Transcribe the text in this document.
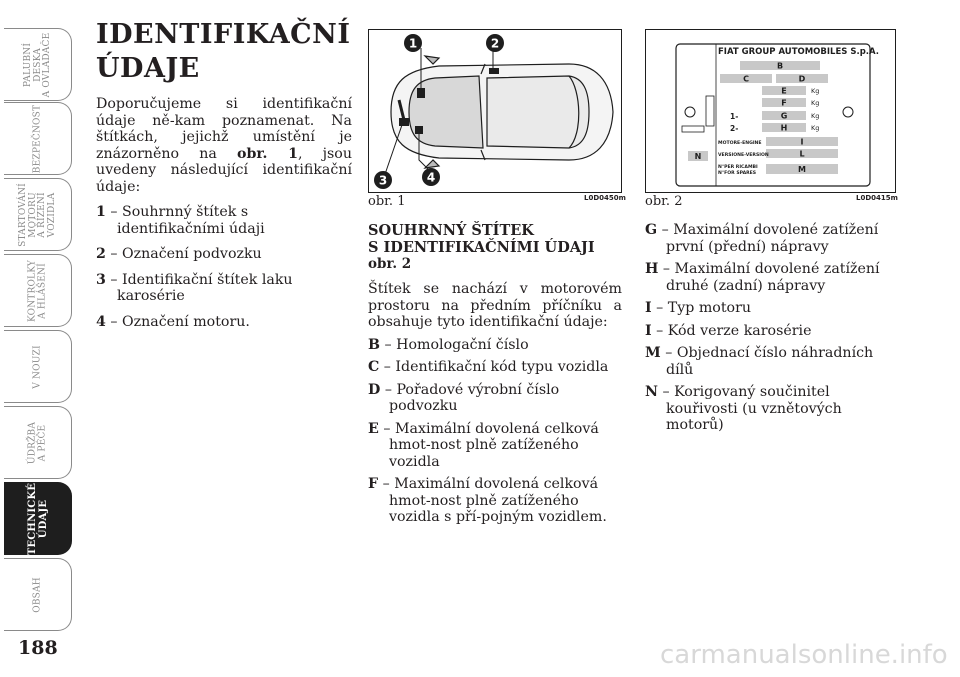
PALUBNÍ
DESKA
A OVLADAČE
BEZPEČNOST
STARTOVÁNÍ
MOTORU
A ŘÍZENÍ
VOZIDLA
KONTROLKY
A HLÁŠENÍ
V NOUZI
ÚDRŽBA
A PÉČE
TECHNICKÉ
ÚDAJE
OBSAH
188
IDENTIFIKAČNÍ
ÚDAJE

Doporučujeme si identifikační údaje ně-kam poznamenat. Na štítkách, jejichž umístění je znázorněno na obr. 1, jsou uvedeny následující identifikační údaje:

1 – Souhrnný štítek s identifikačními údaji
2 – Označení podvozku
3 – Identifikační štítek laku karosérie
4 – Označení motoru.
1	2
3	4
obr. 1	L0D0450m
FIAT GROUP AUTOMOBILES S.p.A.
B
C	D
E
F
G
H
I
L
M
N
Kg
Kg
Kg
Kg
1-
2-
MOTORE-ENGINE
VERSIONE-VERSION
N°PER RICAMBI
N°FOR SPARES
obr. 2	L0D0415m
SOUHRNNÝ ŠTÍTEK
S IDENTIFIKAČNÍMI ÚDAJI
obr. 2

Štítek se nachází v motorovém prostoru na předním příčníku a obsahuje tyto identifikační údaje:

B – Homologační číslo
C – Identifikační kód typu vozidla
D – Pořadové výrobní číslo podvozku
E – Maximální dovolená celková hmot-nost plně zatíženého vozidla
F – Maximální dovolená celková hmot-nost plně zatíženého vozidla s pří-pojným vozidlem.
G – Maximální dovolené zatížení první (přední) nápravy
H – Maximální dovolené zatížení druhé (zadní) nápravy
I – Typ motoru
I – Kód verze karosérie
M – Objednací číslo náhradních dílů
N – Korigovaný součinitel kouřivosti (u vznětových motorů)
carmanualsonline.info
